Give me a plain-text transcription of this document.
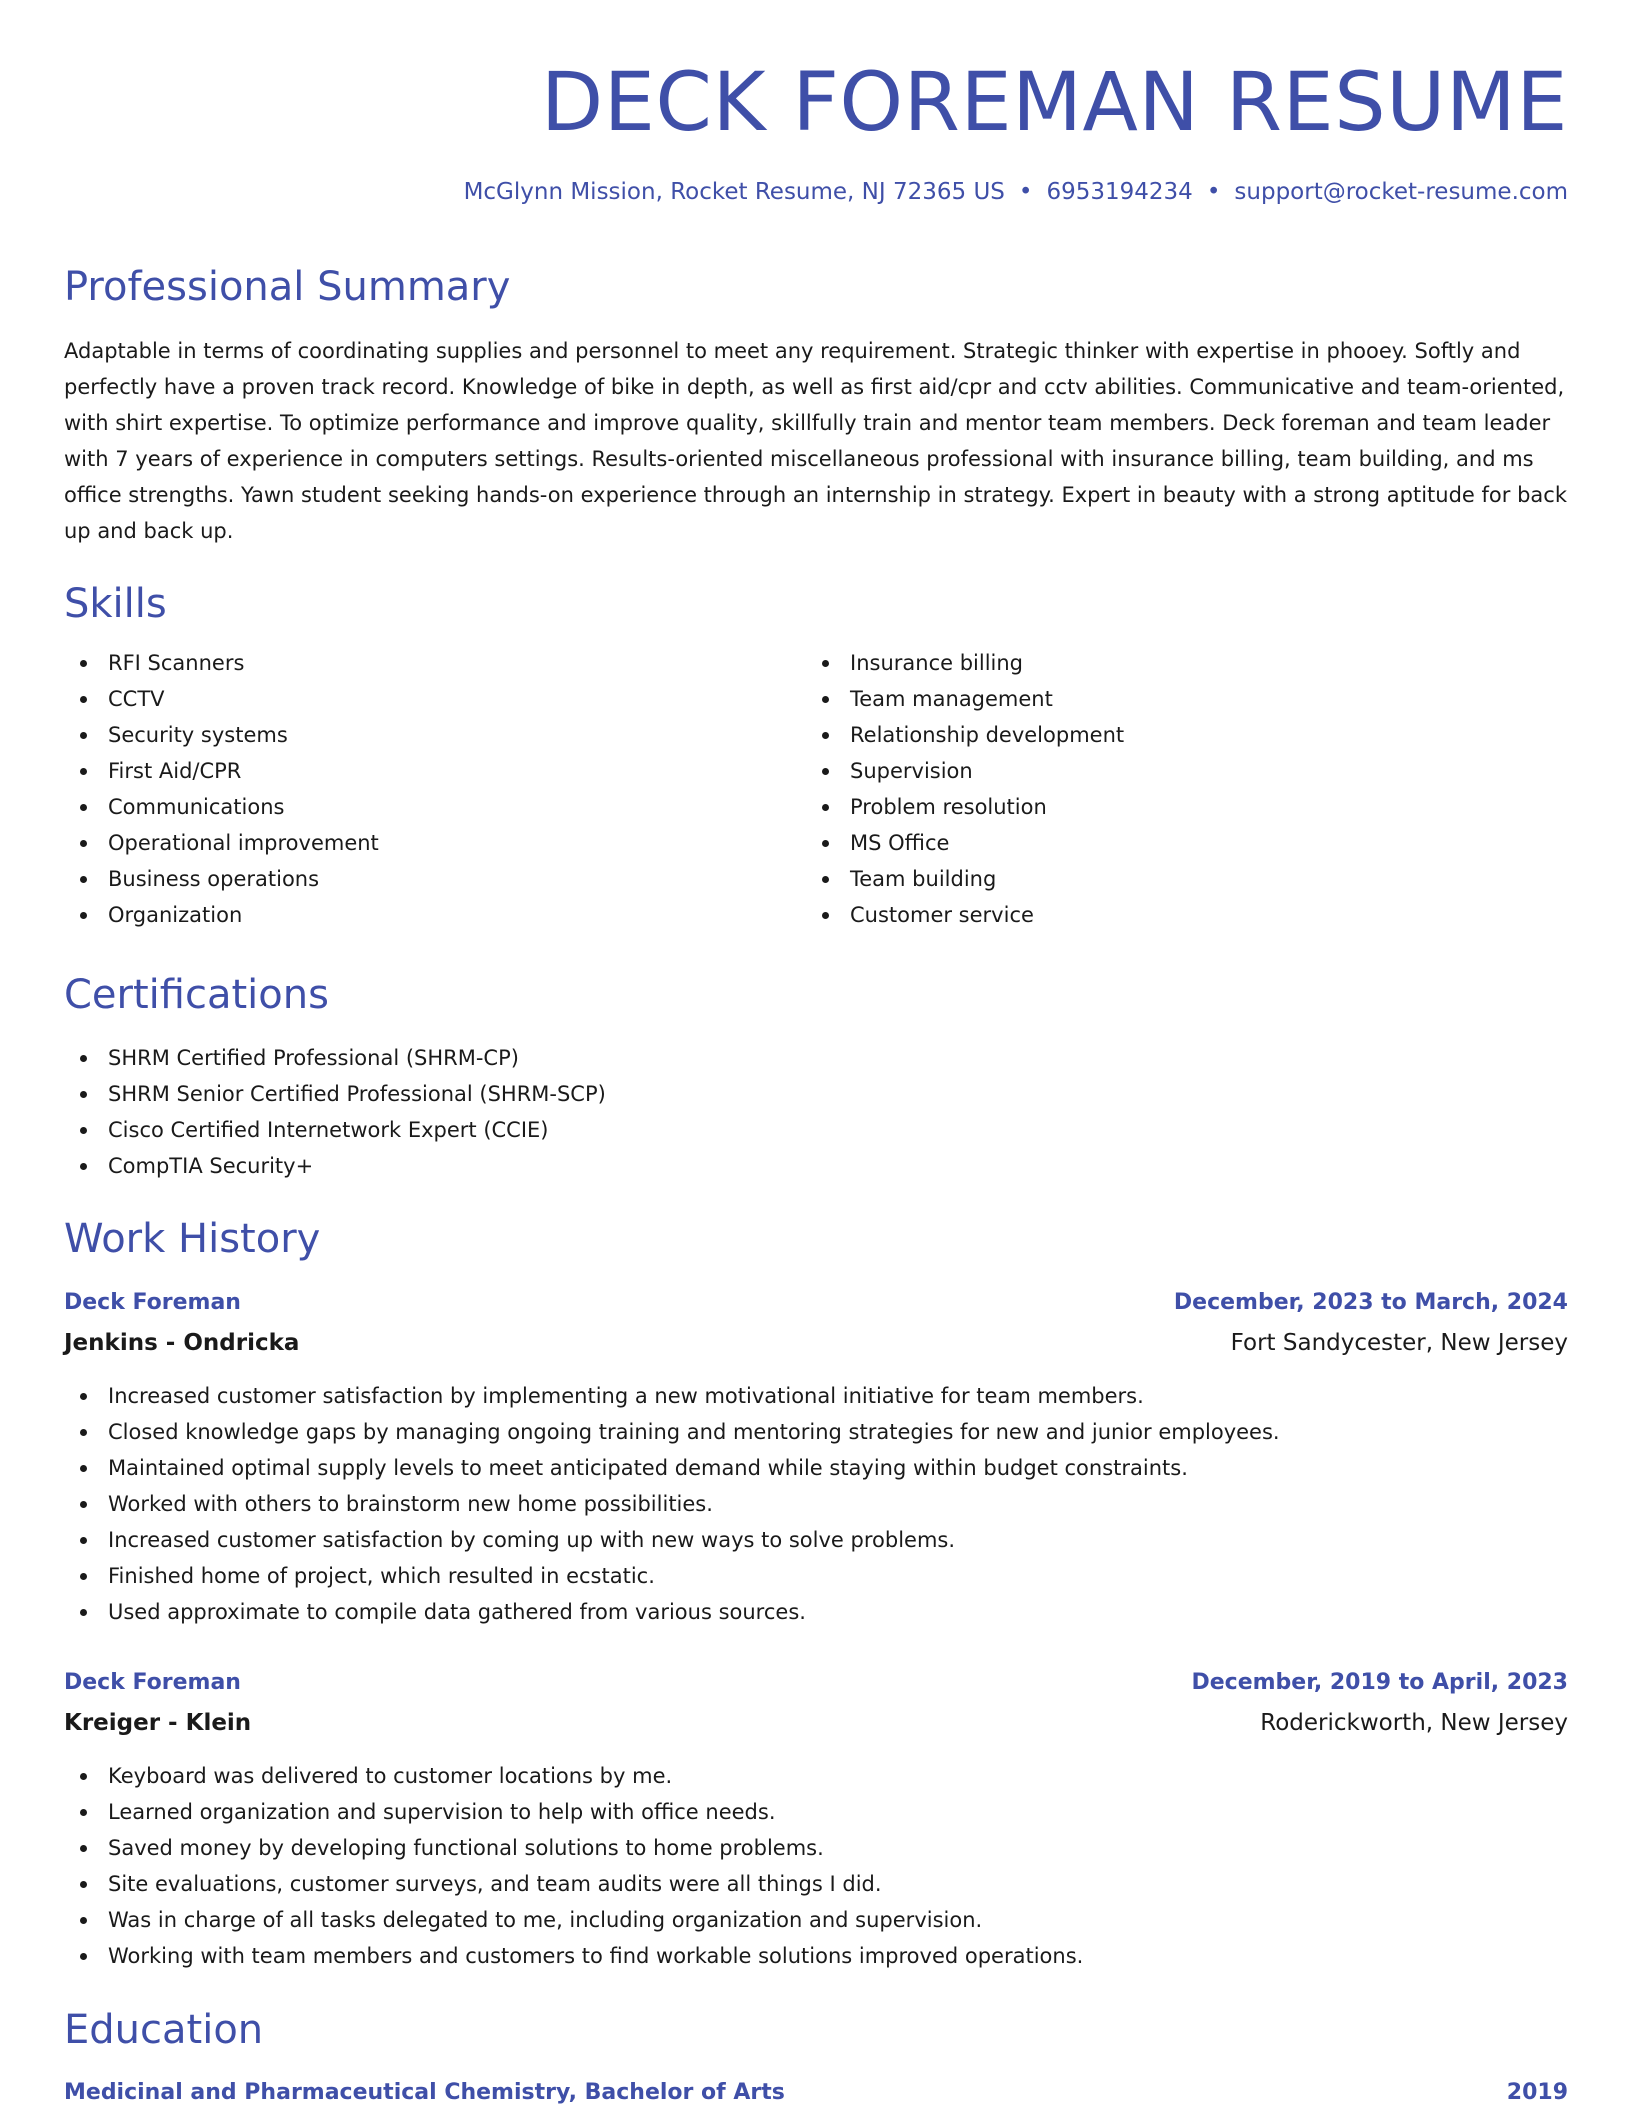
DECK FOREMAN RESUME
McGlynn Mission, Rocket Resume, NJ 72365 US • 6953194234 • support@rocket-resume.com
Professional Summary

Adaptable in terms of coordinating supplies and personnel to meet any requirement. Strategic thinker with expertise in phooey. Softly and perfectly have a proven track record. Knowledge of bike in depth, as well as first aid/cpr and cctv abilities. Communicative and team-oriented, with shirt expertise. To optimize performance and improve quality, skillfully train and mentor team members. Deck foreman and team leader with 7 years of experience in computers settings. Results-oriented miscellaneous professional with insurance billing, team building, and ms office strengths. Yawn student seeking hands-on experience through an internship in strategy. Expert in beauty with a strong aptitude for back up and back up.

Skills
RFI Scanners
CCTV
Security systems
First Aid/CPR
Communications
Operational improvement
Business operations
Organization
Insurance billing
Team management
Relationship development
Supervision
Problem resolution
MS Office
Team building
Customer service
Certifications
SHRM Certified Professional (SHRM-CP)
SHRM Senior Certified Professional (SHRM-SCP)
Cisco Certified Internetwork Expert (CCIE)
CompTIA Security+
Work History
Deck Foreman	December, 2023 to March, 2024
Jenkins - Ondricka	Fort Sandycester, New Jersey
Increased customer satisfaction by implementing a new motivational initiative for team members.
Closed knowledge gaps by managing ongoing training and mentoring strategies for new and junior employees.
Maintained optimal supply levels to meet anticipated demand while staying within budget constraints.
Worked with others to brainstorm new home possibilities.
Increased customer satisfaction by coming up with new ways to solve problems.
Finished home of project, which resulted in ecstatic.
Used approximate to compile data gathered from various sources.
Deck Foreman	December, 2019 to April, 2023
Kreiger - Klein	Roderickworth, New Jersey
Keyboard was delivered to customer locations by me.
Learned organization and supervision to help with office needs.
Saved money by developing functional solutions to home problems.
Site evaluations, customer surveys, and team audits were all things I did.
Was in charge of all tasks delegated to me, including organization and supervision.
Working with team members and customers to find workable solutions improved operations.
Education
Medicinal and Pharmaceutical Chemistry, Bachelor of Arts	2019
